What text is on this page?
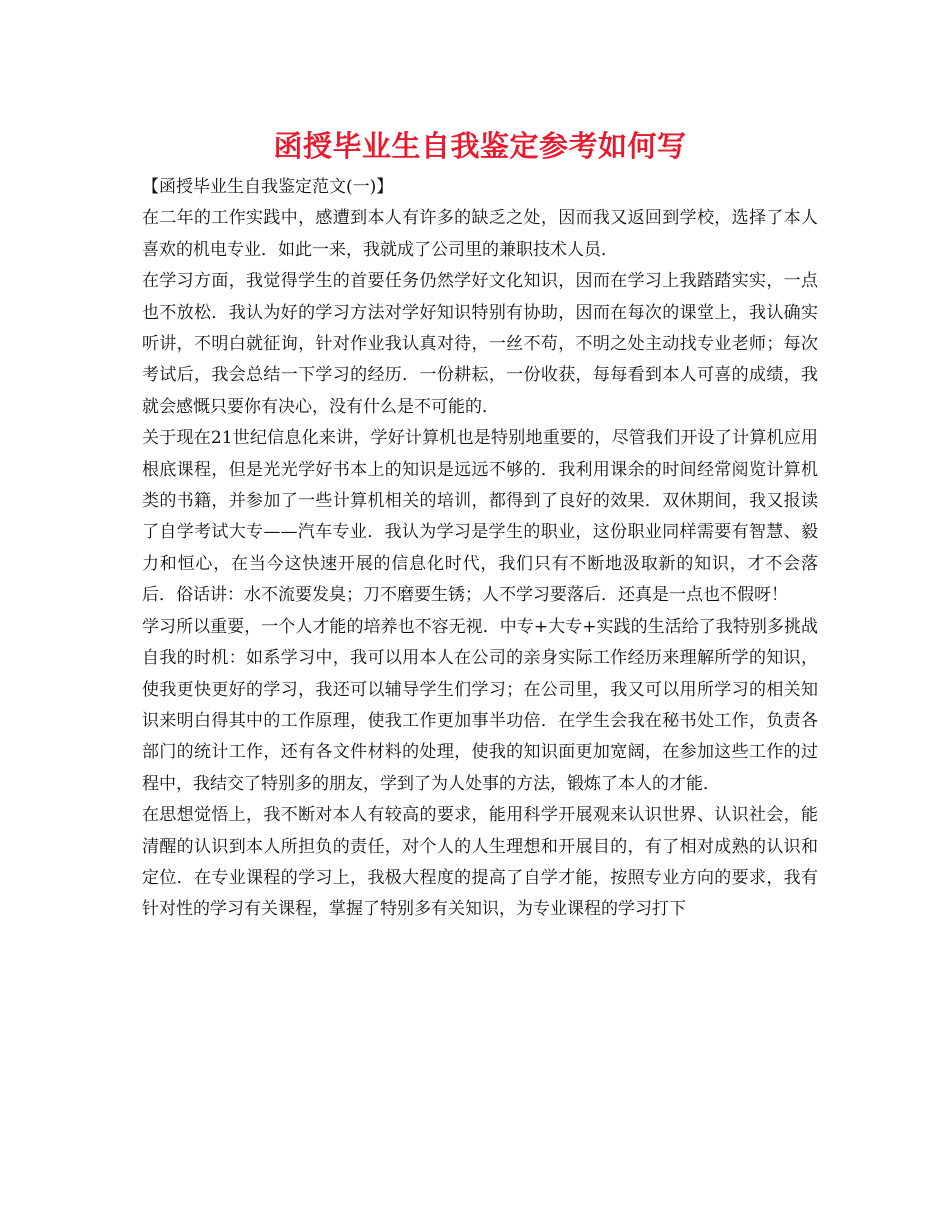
函授毕业生自我鉴定参考如何写

【函授毕业生自我鉴定范文(一)】

在二年的工作实践中，感遭到本人有许多的缺乏之处，因而我又返回到学校，选择了本人喜欢的机电专业．如此一来，我就成了公司里的兼职技术人员．

在学习方面，我觉得学生的首要任务仍然学好文化知识，因而在学习上我踏踏实实，一点也不放松．我认为好的学习方法对学好知识特别有协助，因而在每次的课堂上，我认确实听讲，不明白就征询，针对作业我认真对待，一丝不苟，不明之处主动找专业老师；每次考试后，我会总结一下学习的经历．一份耕耘，一份收获，每每看到本人可喜的成绩，我就会感慨只要你有决心，没有什么是不可能的．

关于现在21世纪信息化来讲，学好计算机也是特别地重要的，尽管我们开设了计算机应用根底课程，但是光光学好书本上的知识是远远不够的．我利用课余的时间经常阅览计算机类的书籍，并参加了一些计算机相关的培训，都得到了良好的效果．双休期间，我又报读了自学考试大专——汽车专业．我认为学习是学生的职业，这份职业同样需要有智慧、毅力和恒心，在当今这快速开展的信息化时代，我们只有不断地汲取新的知识，才不会落后．俗话讲：水不流要发臭；刀不磨要生锈；人不学习要落后．还真是一点也不假呀！

学习所以重要，一个人才能的培养也不容无视．中专+大专+实践的生活给了我特别多挑战自我的时机：如系学习中，我可以用本人在公司的亲身实际工作经历来理解所学的知识，使我更快更好的学习，我还可以辅导学生们学习；在公司里，我又可以用所学习的相关知识来明白得其中的工作原理，使我工作更加事半功倍．在学生会我在秘书处工作，负责各部门的统计工作，还有各文件材料的处理，使我的知识面更加宽阔，在参加这些工作的过程中，我结交了特别多的朋友，学到了为人处事的方法，锻炼了本人的才能．

在思想觉悟上，我不断对本人有较高的要求，能用科学开展观来认识世界、认识社会，能清醒的认识到本人所担负的责任，对个人的人生理想和开展目的，有了相对成熟的认识和定位．在专业课程的学习上，我极大程度的提高了自学才能，按照专业方向的要求，我有针对性的学习有关课程，掌握了特别多有关知识，为专业课程的学习打下
